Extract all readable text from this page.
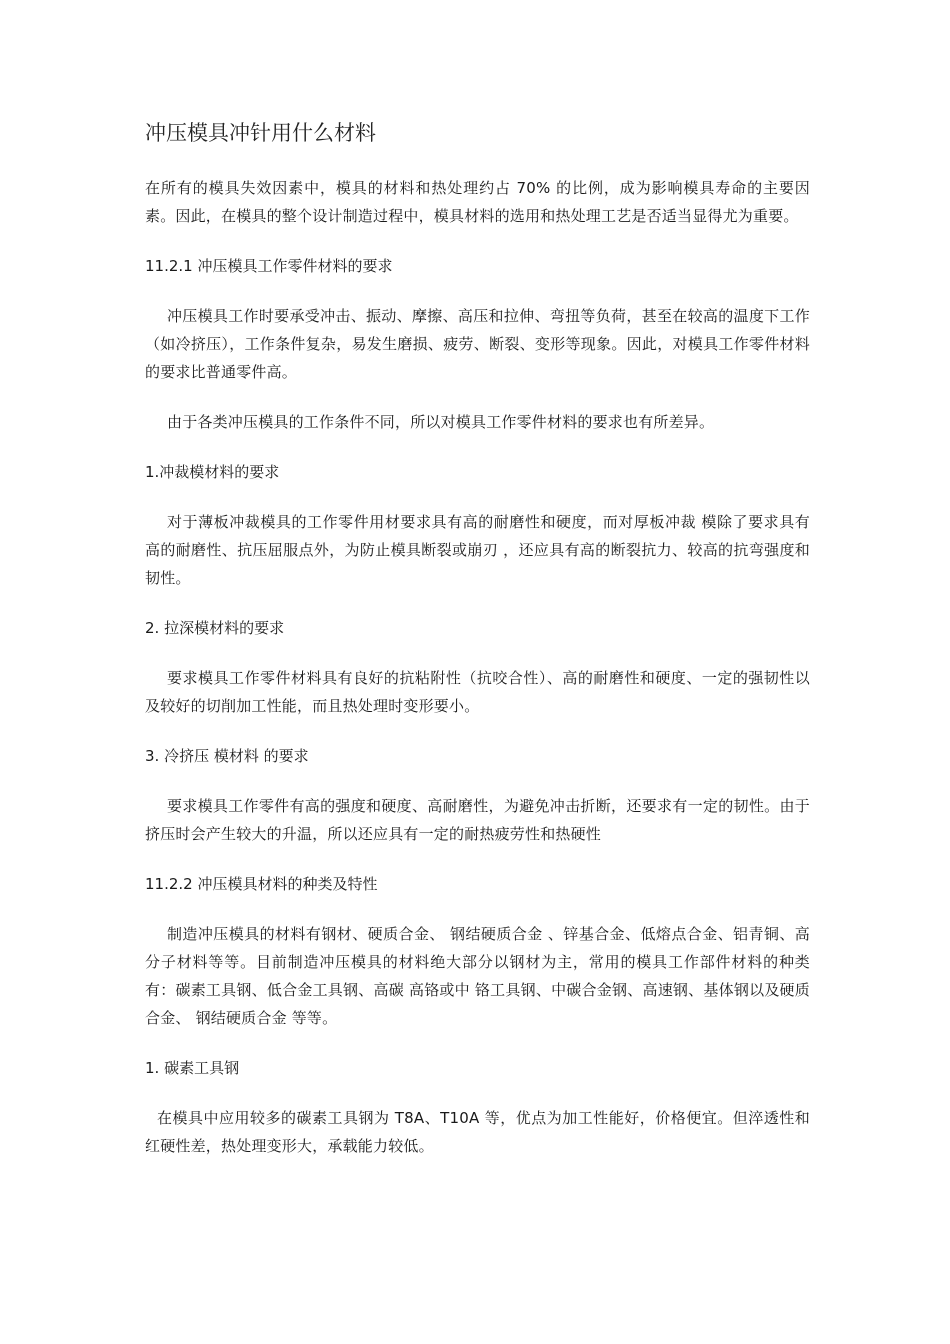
冲压模具冲针用什么材料

在所有的模具失效因素中，模具的材料和热处理约占 70% 的比例，成为影响模具寿命的主要因素。因此，在模具的整个设计制造过程中，模具材料的选用和热处理工艺是否适当显得尤为重要。

11.2.1 冲压模具工作零件材料的要求

冲压模具工作时要承受冲击、振动、摩擦、高压和拉伸、弯扭等负荷，甚至在较高的温度下工作（如冷挤压），工作条件复杂，易发生磨损、疲劳、断裂、变形等现象。因此，对模具工作零件材料的要求比普通零件高。

由于各类冲压模具的工作条件不同，所以对模具工作零件材料的要求也有所差异。

1.冲裁模材料的要求

对于薄板冲裁模具的工作零件用材要求具有高的耐磨性和硬度，而对厚板冲裁 模除了要求具有高的耐磨性、抗压屈服点外，为防止模具断裂或崩刃 ，还应具有高的断裂抗力、较高的抗弯强度和韧性。

2. 拉深模材料的要求

要求模具工作零件材料具有良好的抗粘附性（抗咬合性）、高的耐磨性和硬度、一定的强韧性以及较好的切削加工性能，而且热处理时变形要小。

3. 冷挤压 模材料 的要求

要求模具工作零件有高的强度和硬度、高耐磨性，为避免冲击折断，还要求有一定的韧性。由于挤压时会产生较大的升温，所以还应具有一定的耐热疲劳性和热硬性

11.2.2 冲压模具材料的种类及特性

制造冲压模具的材料有钢材、硬质合金、 钢结硬质合金 、锌基合金、低熔点合金、铝青铜、高分子材料等等。目前制造冲压模具的材料绝大部分以钢材为主，常用的模具工作部件材料的种类有：碳素工具钢、低合金工具钢、高碳 高铬或中 铬工具钢、中碳合金钢、高速钢、基体钢以及硬质合金、 钢结硬质合金 等等。

1. 碳素工具钢

在模具中应用较多的碳素工具钢为 T8A、T10A 等，优点为加工性能好，价格便宜。但淬透性和红硬性差，热处理变形大，承载能力较低。
